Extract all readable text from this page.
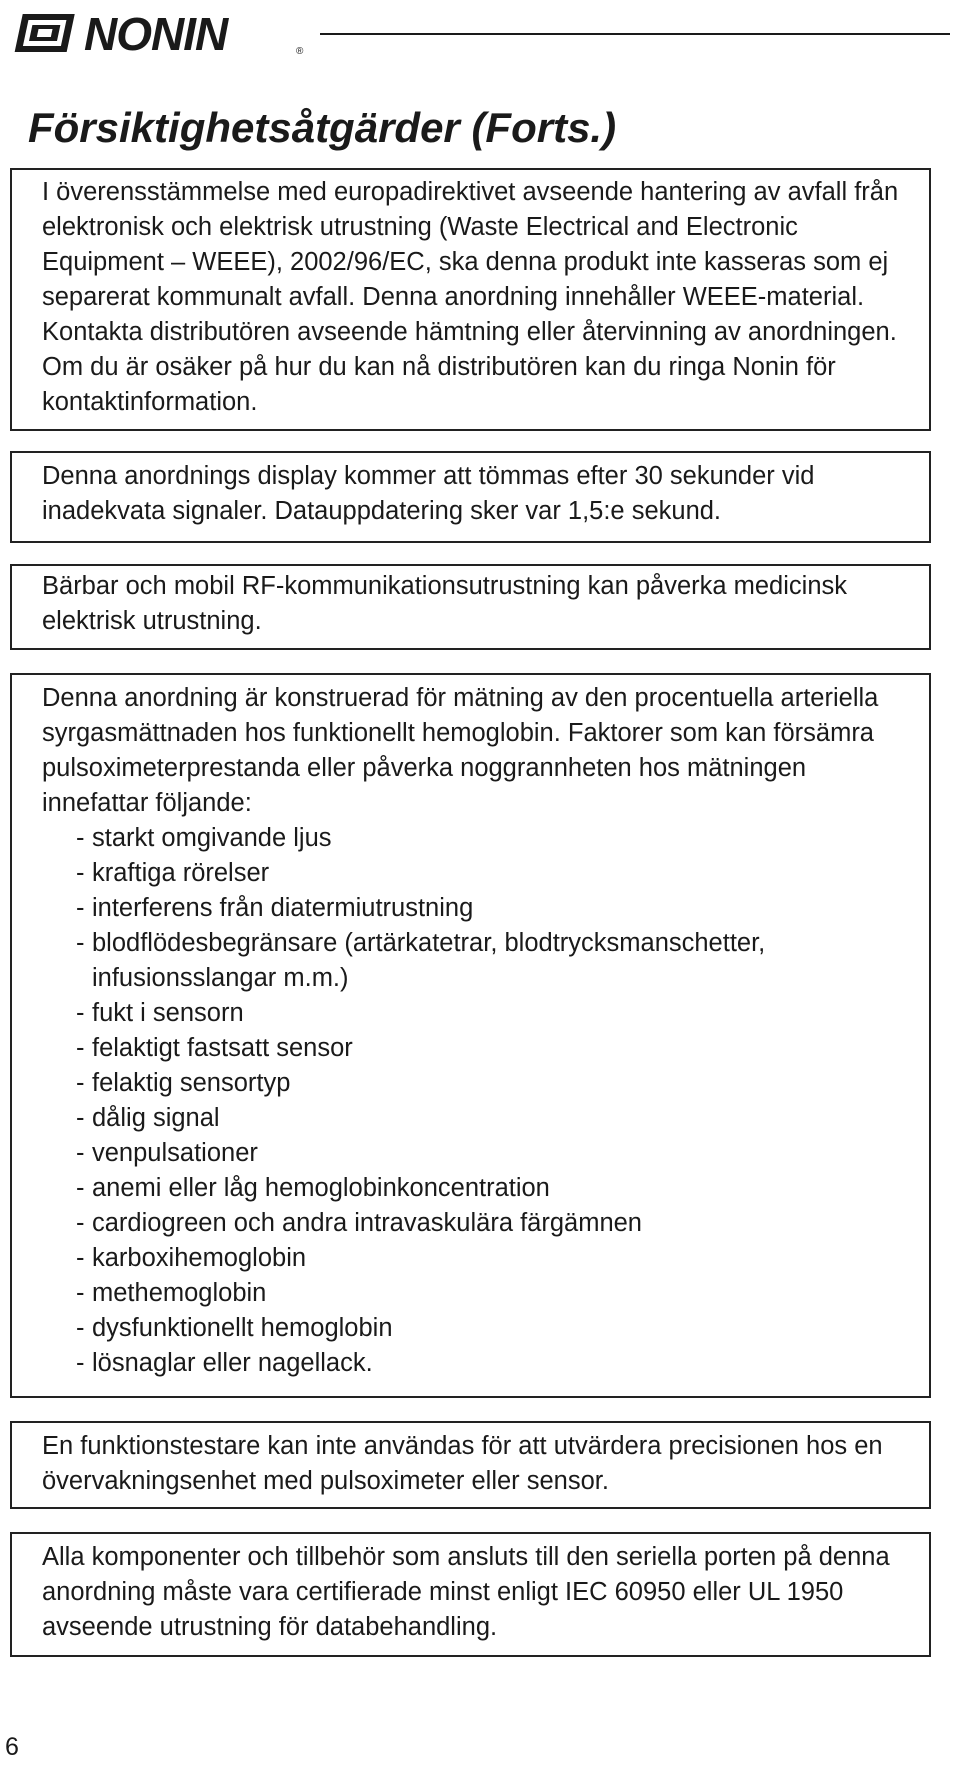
NONIN	®
Försiktighetsåtgärder (Forts.)

I överensstämmelse med europadirektivet avseende hantering av avfall från elektronisk och elektrisk utrustning (Waste Electrical and Electronic Equipment – WEEE), 2002/96/EC, ska denna produkt inte kasseras som ej separerat kommunalt avfall. Denna anordning innehåller WEEE-material. Kontakta distributören avseende hämtning eller återvinning av anordningen. Om du är osäker på hur du kan nå distributören kan du ringa Nonin för kontaktinformation.

Denna anordnings display kommer att tömmas efter 30 sekunder vid inadekvata signaler. Datauppdatering sker var 1,5:e sekund.

Bärbar och mobil RF-kommunikationsutrustning kan påverka medicinsk elektrisk utrustning.

Denna anordning är konstruerad för mätning av den procentuella arteriella syrgasmättnaden hos funktionellt hemoglobin. Faktorer som kan försämra pulsoximeterprestanda eller påverka noggrannheten hos mätningen innefattar följande:

- starkt omgivande ljus
- kraftiga rörelser
- interferens från diatermiutrustning
- blodflödesbegränsare (artärkatetrar, blodtrycksmanschetter, infusionsslangar m.m.)
- fukt i sensorn
- felaktigt fastsatt sensor
- felaktig sensortyp
- dålig signal
- venpulsationer
- anemi eller låg hemoglobinkoncentration
- cardiogreen och andra intravaskulära färgämnen
- karboxihemoglobin
- methemoglobin
- dysfunktionellt hemoglobin
- lösnaglar eller nagellack.

En funktionstestare kan inte användas för att utvärdera precisionen hos en övervakningsenhet med pulsoximeter eller sensor.

Alla komponenter och tillbehör som ansluts till den seriella porten på denna anordning måste vara certifierade minst enligt IEC 60950 eller UL 1950 avseende utrustning för databehandling.

6
